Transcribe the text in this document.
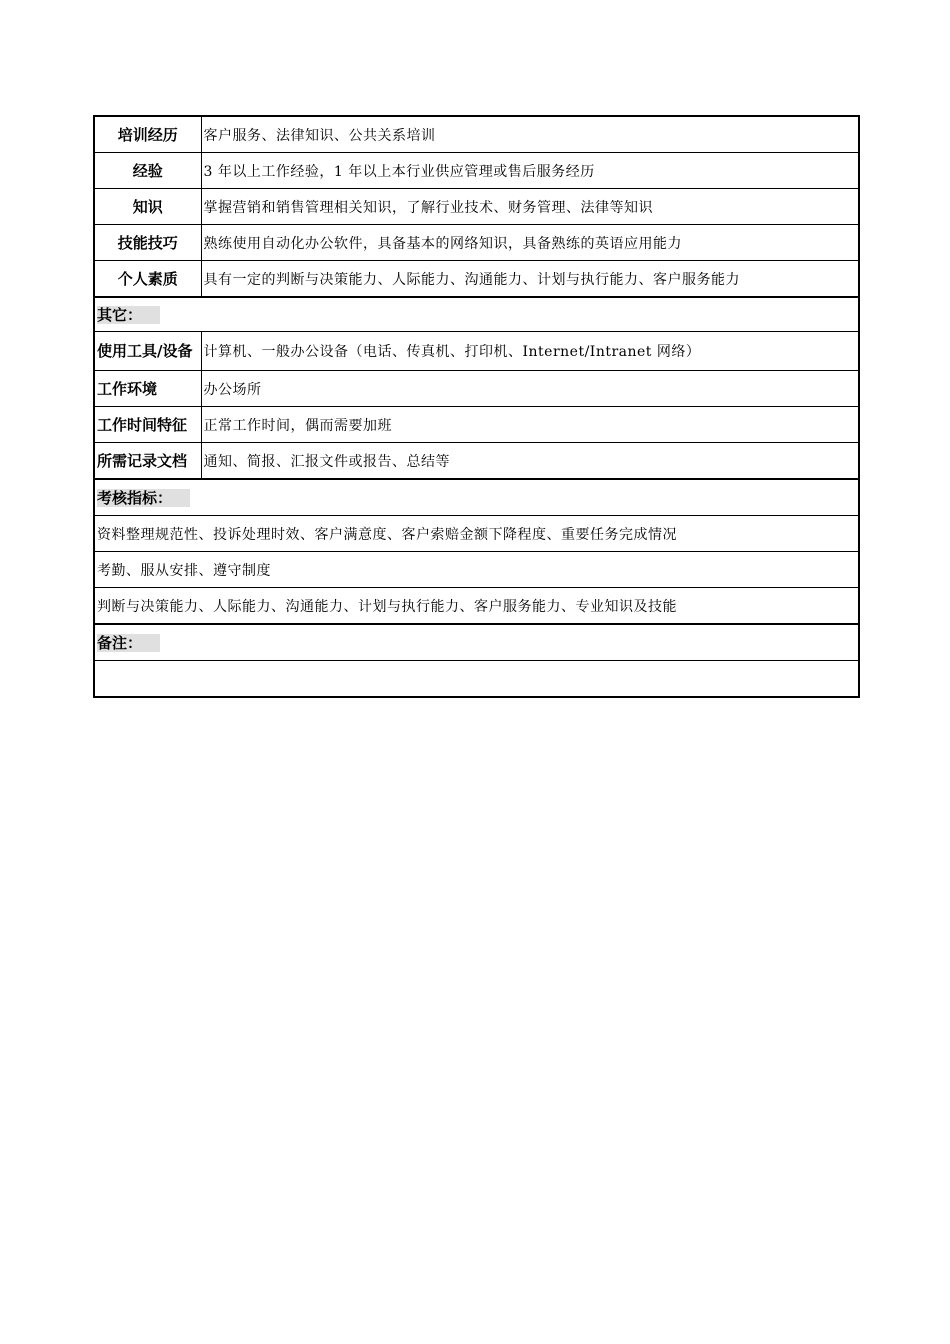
培训经历	客户服务、法律知识、公共关系培训
经验	3 年以上工作经验，1 年以上本行业供应管理或售后服务经历
知识	掌握营销和销售管理相关知识，了解行业技术、财务管理、法律等知识
技能技巧	熟练使用自动化办公软件，具备基本的网络知识，具备熟练的英语应用能力
个人素质	具有一定的判断与决策能力、人际能力、沟通能力、计划与执行能力、客户服务能力
其它：	
使用工具/设备	计算机、一般办公设备（电话、传真机、打印机、Internet/Intranet 网络）
工作环境	办公场所
工作时间特征	正常工作时间，偶而需要加班
所需记录文档	通知、简报、汇报文件或报告、总结等
考核指标：	
资料整理规范性、投诉处理时效、客户满意度、客户索赔金额下降程度、重要任务完成情况	
考勤、服从安排、遵守制度	
判断与决策能力、人际能力、沟通能力、计划与执行能力、客户服务能力、专业知识及技能	
备注：	
